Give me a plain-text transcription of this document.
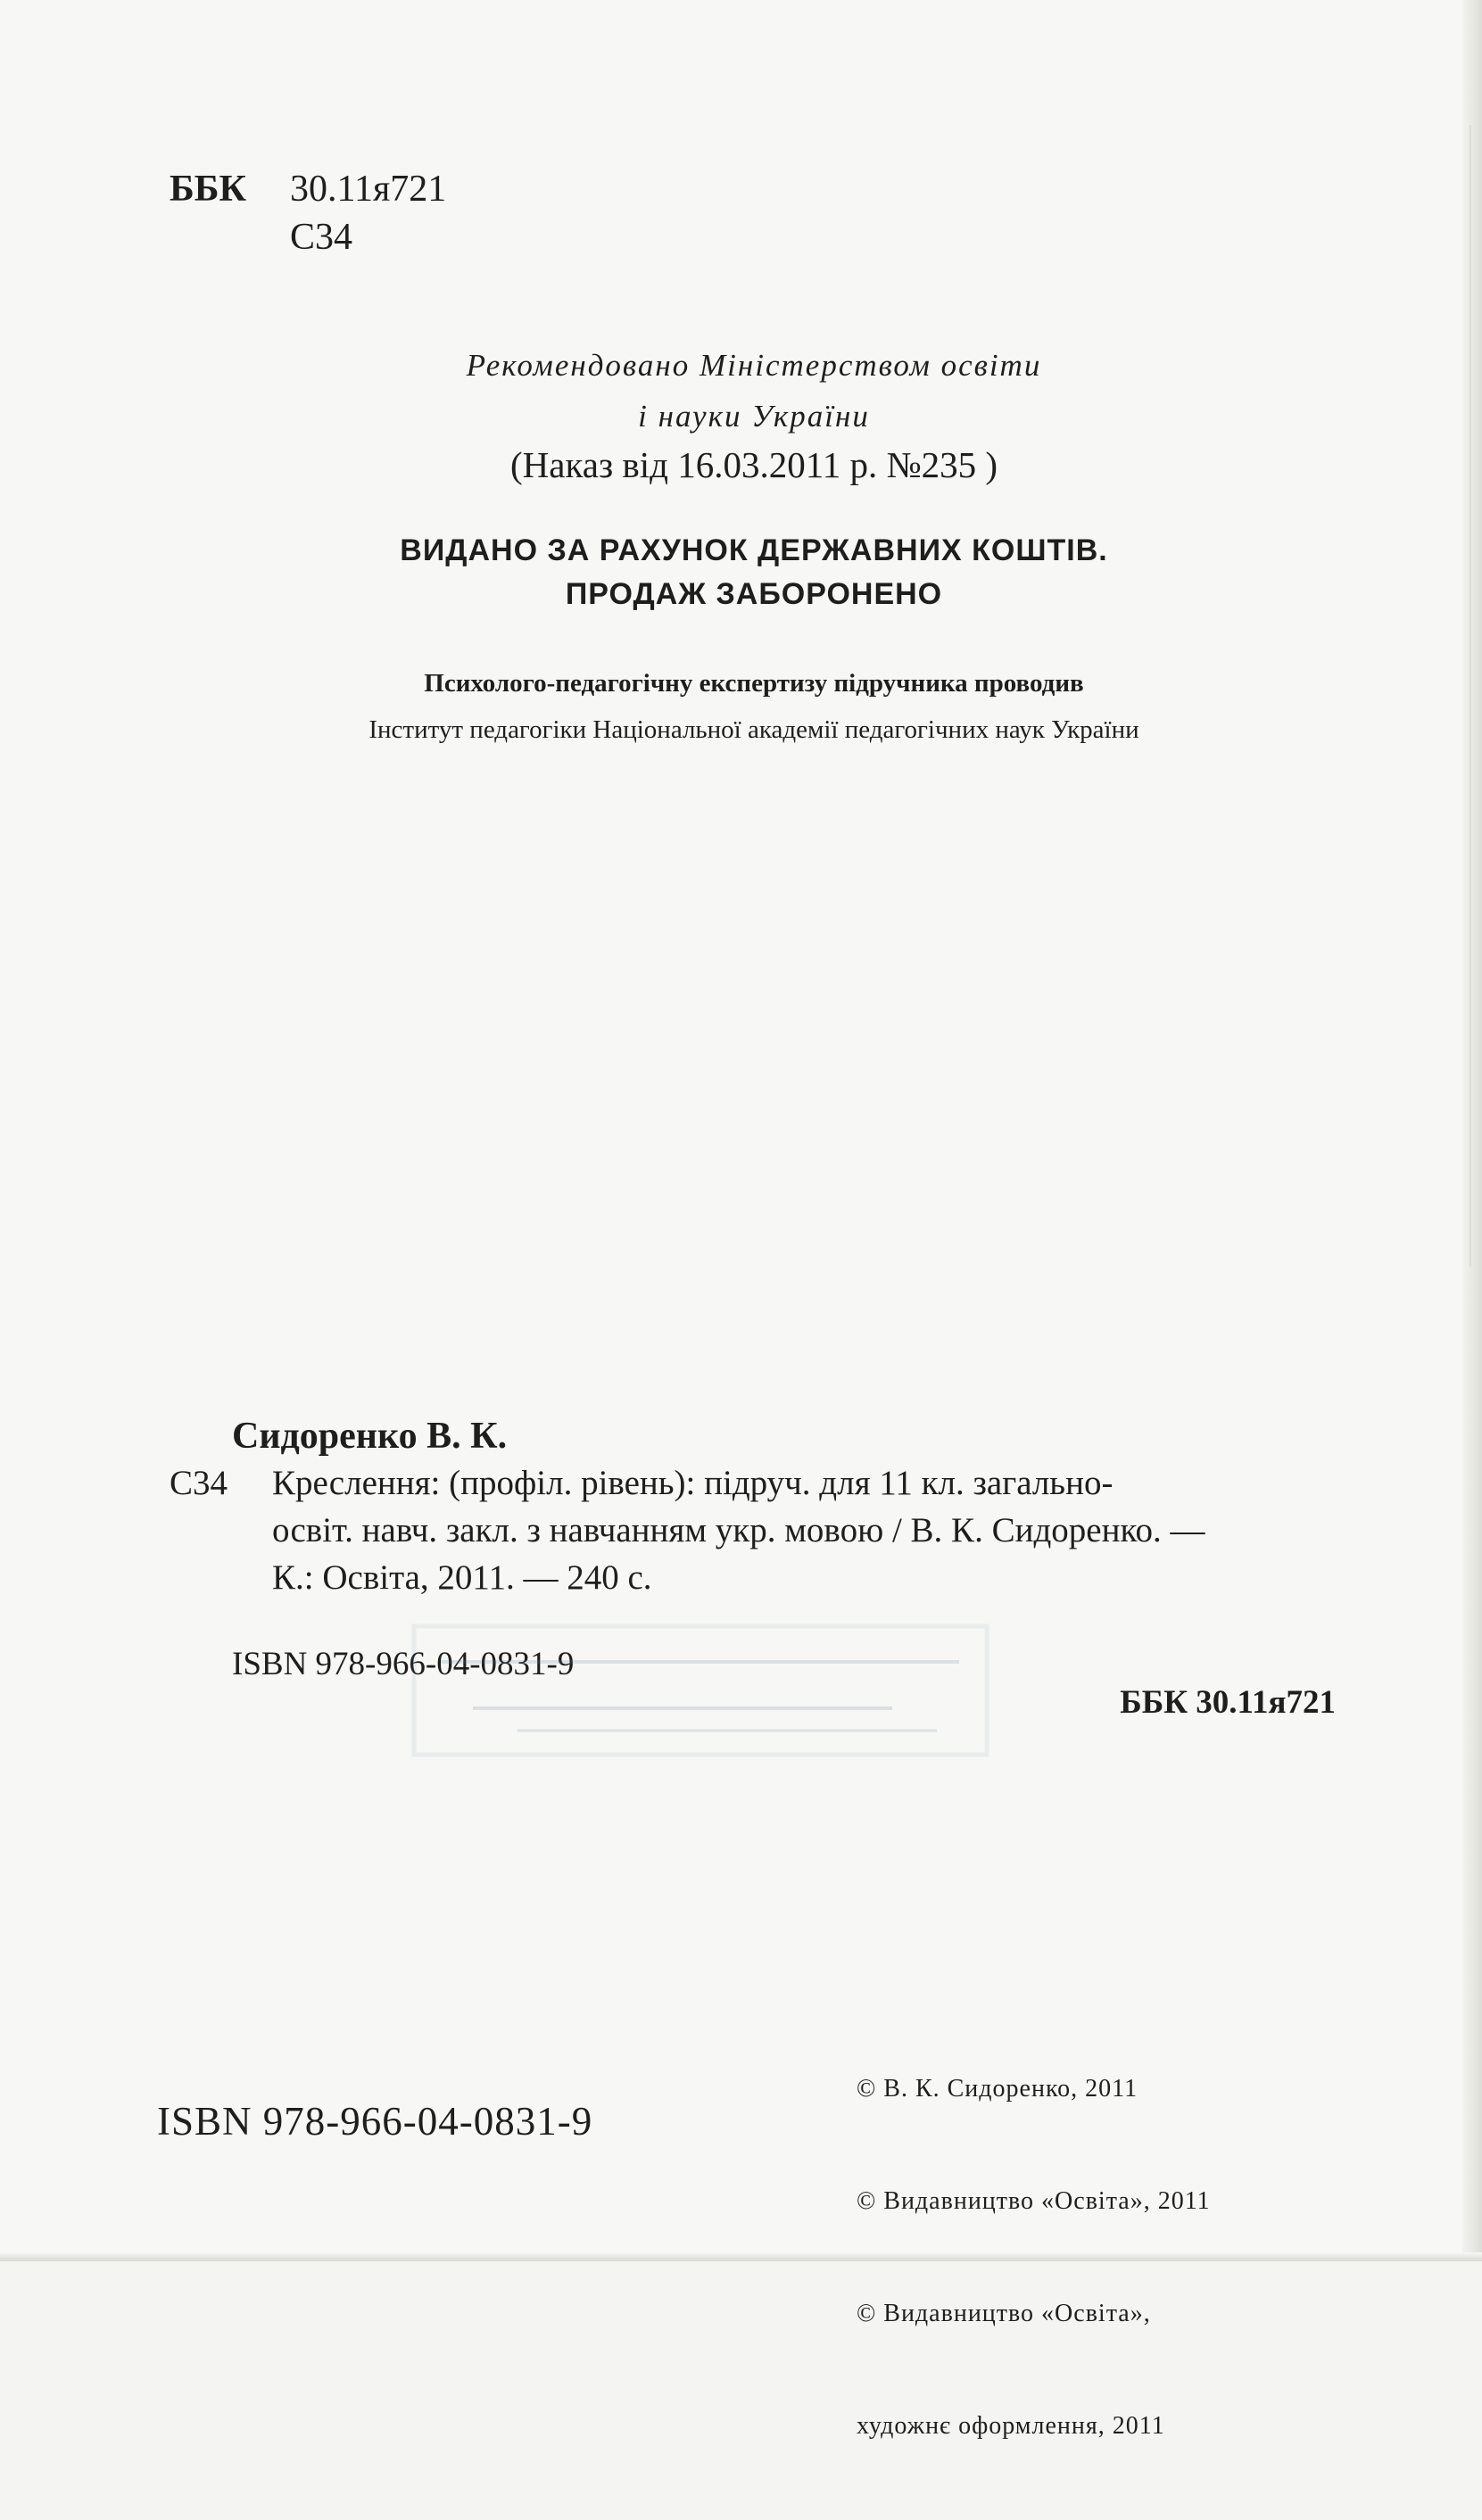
ББК 30.11я721
С34
Рекомендовано Міністерством освіти
і науки України
(Наказ від 16.03.2011 р. №235 )
ВИДАНО ЗА РАХУНОК ДЕРЖАВНИХ КОШТІВ.
ПРОДАЖ ЗАБОРОНЕНО
Психолого-педагогічну експертизу підручника проводив
Інститут педагогіки Національної академії педагогічних наук України
Сидоренко В. К.
С34 Креслення: (профіл. рівень): підруч. для 11 кл. загально-
освіт. навч. закл. з навчанням укр. мовою / В. К. Сидоренко. —
К.: Освіта, 2011. — 240 с.
ISBN 978-966-04-0831-9
ББК 30.11я721
ISBN 978-966-04-0831-9

© В. К. Сидоренко, 2011

© Видавництво «Освіта», 2011

© Видавництво «Освіта»,

художнє оформлення, 2011
